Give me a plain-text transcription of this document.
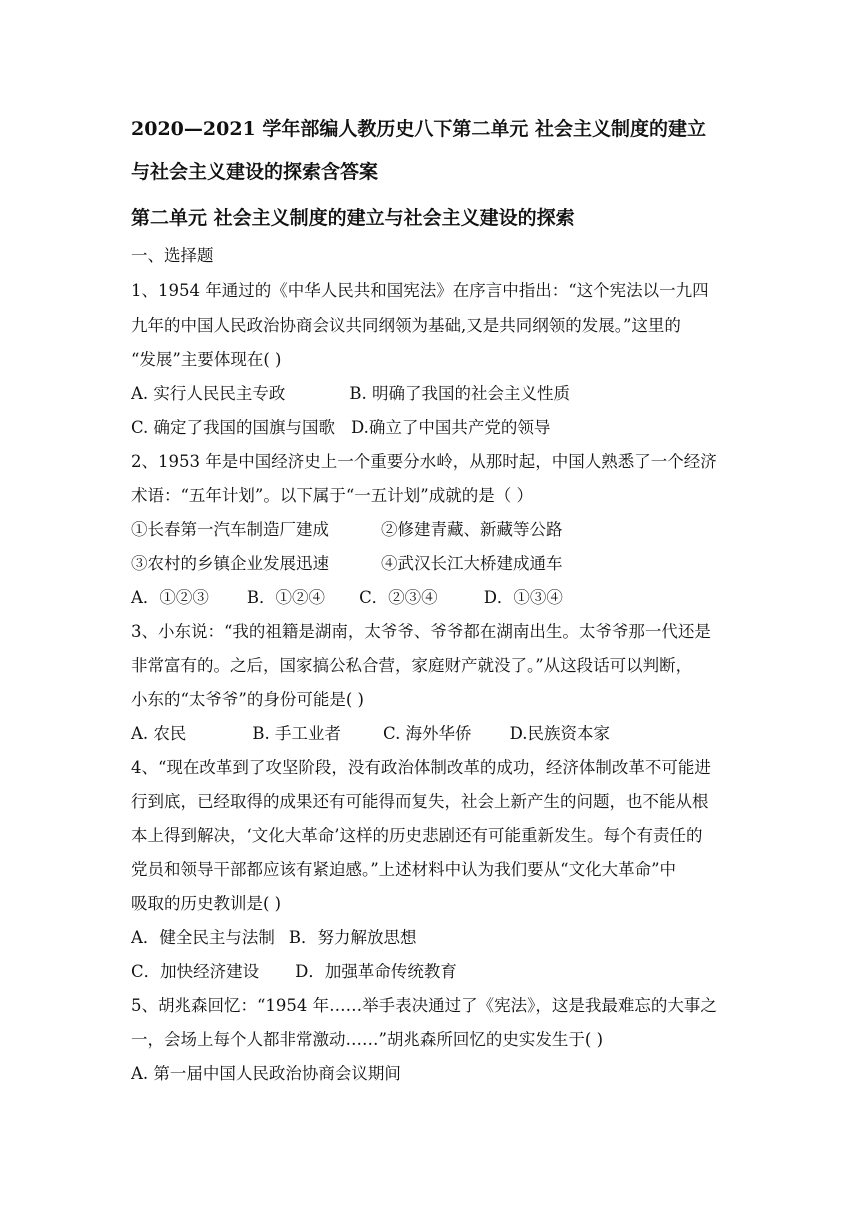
2020—2021 学年部编人教历史八下第二单元 社会主义制度的建立
与社会主义建设的探索含答案
第二单元 社会主义制度的建立与社会主义建设的探索
一、选择题
1、1954 年通过的《中华人民共和国宪法》在序言中指出：“这个宪法以一九四
九年的中国人民政治协商会议共同纲领为基础,又是共同纲领的发展。”这里的
“发展”主要体现在( )
A. 实行人民民主专政	B. 明确了我国的社会主义性质
C. 确定了我国的国旗与国歌 D.确立了中国共产党的领导
2、1953 年是中国经济史上一个重要分水岭，从那时起，中国人熟悉了一个经济
术语：“五年计划”。以下属于“一五计划”成就的是（ ）
①长春第一汽车制造厂建成	②修建青藏、新藏等公路
③农村的乡镇企业发展迅速	④武汉长江大桥建成通车
A．①②③ B．①②④ C．②③④	D．①③④
3、小东说：“我的祖籍是湖南，太爷爷、爷爷都在湖南出生。太爷爷那一代还是
非常富有的。之后，国家搞公私合营，家庭财产就没了。”从这段话可以判断，
小东的“太爷爷”的身份可能是( )
A. 农民	B. 手工业者	C. 海外华侨 D.民族资本家
4、“现在改革到了攻坚阶段，没有政治体制改革的成功，经济体制改革不可能进
行到底，已经取得的成果还有可能得而复失，社会上新产生的问题，也不能从根
本上得到解决，‘文化大革命’这样的历史悲剧还有可能重新发生。每个有责任的
党员和领导干部都应该有紧迫感。”上述材料中认为我们要从“文化大革命”中
吸取的历史教训是( )
A．健全民主与法制 B．努力解放思想
C．加快经济建设 D．加强革命传统教育
5、胡兆森回忆：“1954 年……举手表决通过了《宪法》，这是我最难忘的大事之
一，会场上每个人都非常激动……”胡兆森所回忆的史实发生于( )
A. 第一届中国人民政治协商会议期间
